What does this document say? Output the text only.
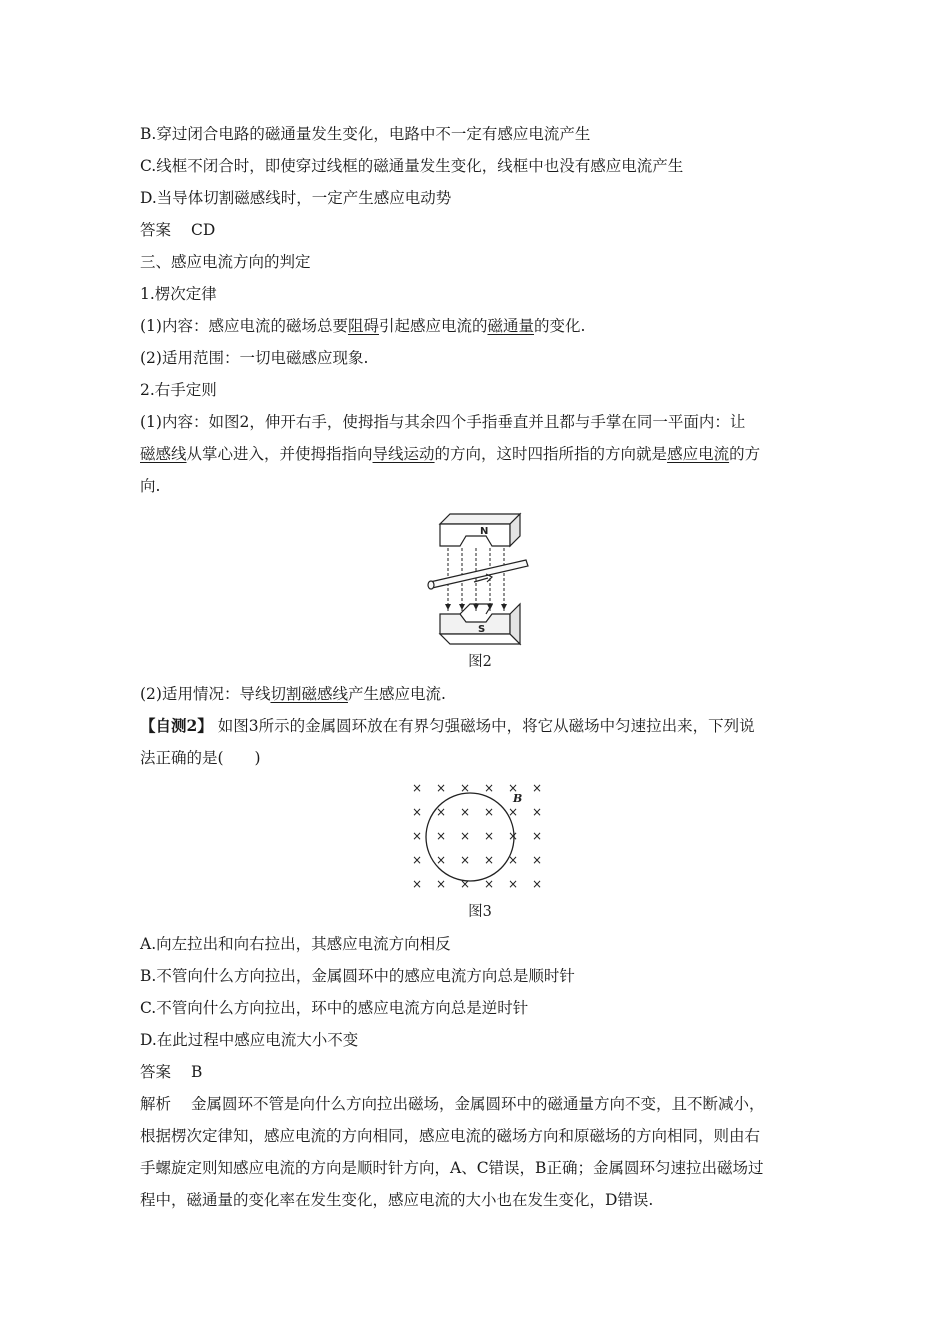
B.穿过闭合电路的磁通量发生变化，电路中不一定有感应电流产生
C.线框不闭合时，即使穿过线框的磁通量发生变化，线框中也没有感应电流产生
D.当导体切割磁感线时，一定产生感应电动势
答案 CD
三、感应电流方向的判定
1.楞次定律
(1)内容：感应电流的磁场总要阻碍引起感应电流的磁通量的变化.
(2)适用范围：一切电磁感应现象.
2.右手定则
(1)内容：如图2，伸开右手，使拇指与其余四个手指垂直并且都与手掌在同一平面内：让
磁感线从掌心进入，并使拇指指向导线运动的方向，这时四指所指的方向就是感应电流的方
向.
N
S
图2
(2)适用情况：导线切割磁感线产生感应电流.
【自测2】 如图3所示的金属圆环放在有界匀强磁场中，将它从磁场中匀速拉出来，下列说
法正确的是(　　)
× × × × × ×
× × × × × ×
× × × × × ×
× × × × × ×
× × × × × ×
B
图3
A.向左拉出和向右拉出，其感应电流方向相反
B.不管向什么方向拉出，金属圆环中的感应电流方向总是顺时针
C.不管向什么方向拉出，环中的感应电流方向总是逆时针
D.在此过程中感应电流大小不变
答案 B
解析 金属圆环不管是向什么方向拉出磁场，金属圆环中的磁通量方向不变，且不断减小，
根据楞次定律知，感应电流的方向相同，感应电流的磁场方向和原磁场的方向相同，则由右
手螺旋定则知感应电流的方向是顺时针方向，A、C错误，B正确；金属圆环匀速拉出磁场过
程中，磁通量的变化率在发生变化，感应电流的大小也在发生变化，D错误.
